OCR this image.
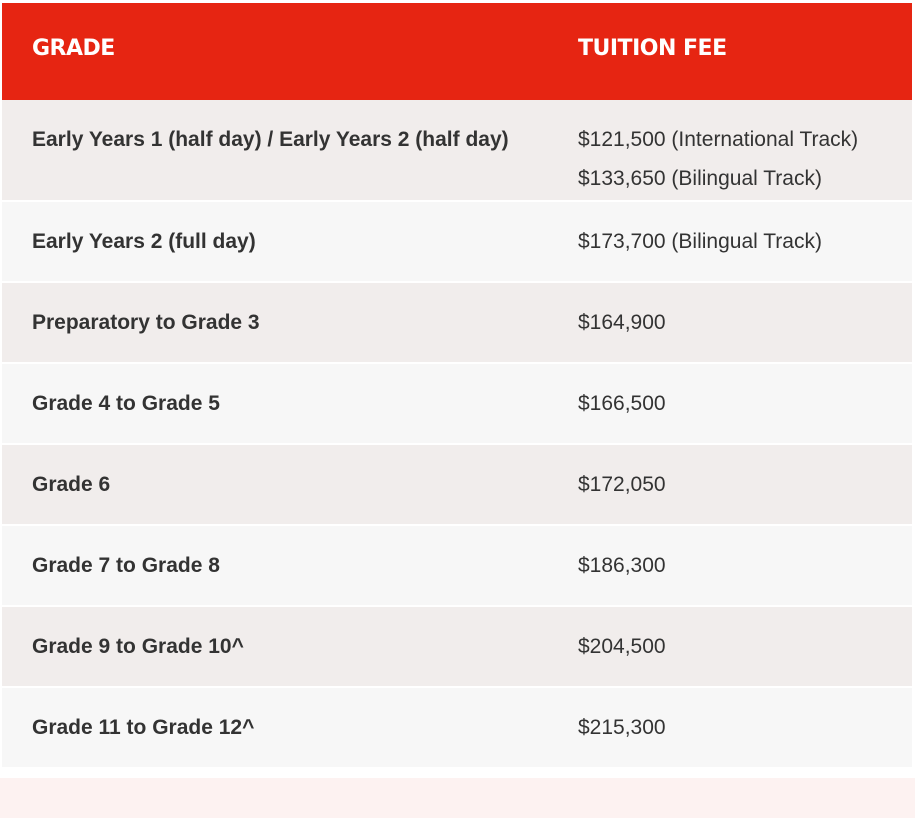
GRADE	TUITION FEE

Early Years 1 (half day) / Early Years 2 (half day)	$121,500 (International Track)
$133,650 (Bilingual Track)

Early Years 2 (full day)	$173,700 (Bilingual Track)

Preparatory to Grade 3	$164,900

Grade 4 to Grade 5	$166,500

Grade 6	$172,050

Grade 7 to Grade 8	$186,300

Grade 9 to Grade 10^	$204,500

Grade 11 to Grade 12^	$215,300
